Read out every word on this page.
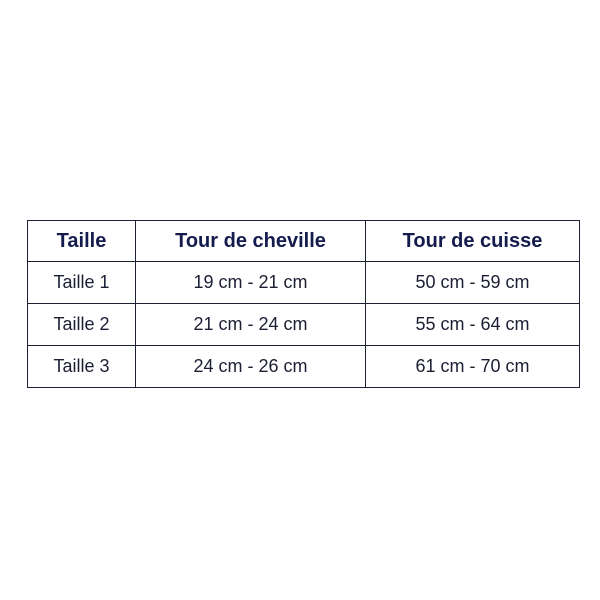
Taille	Tour de cheville	Tour de cuisse
Taille 1	19 cm - 21 cm	50 cm - 59 cm
Taille 2	21 cm - 24 cm	55 cm - 64 cm
Taille 3	24 cm - 26 cm	61 cm - 70 cm
